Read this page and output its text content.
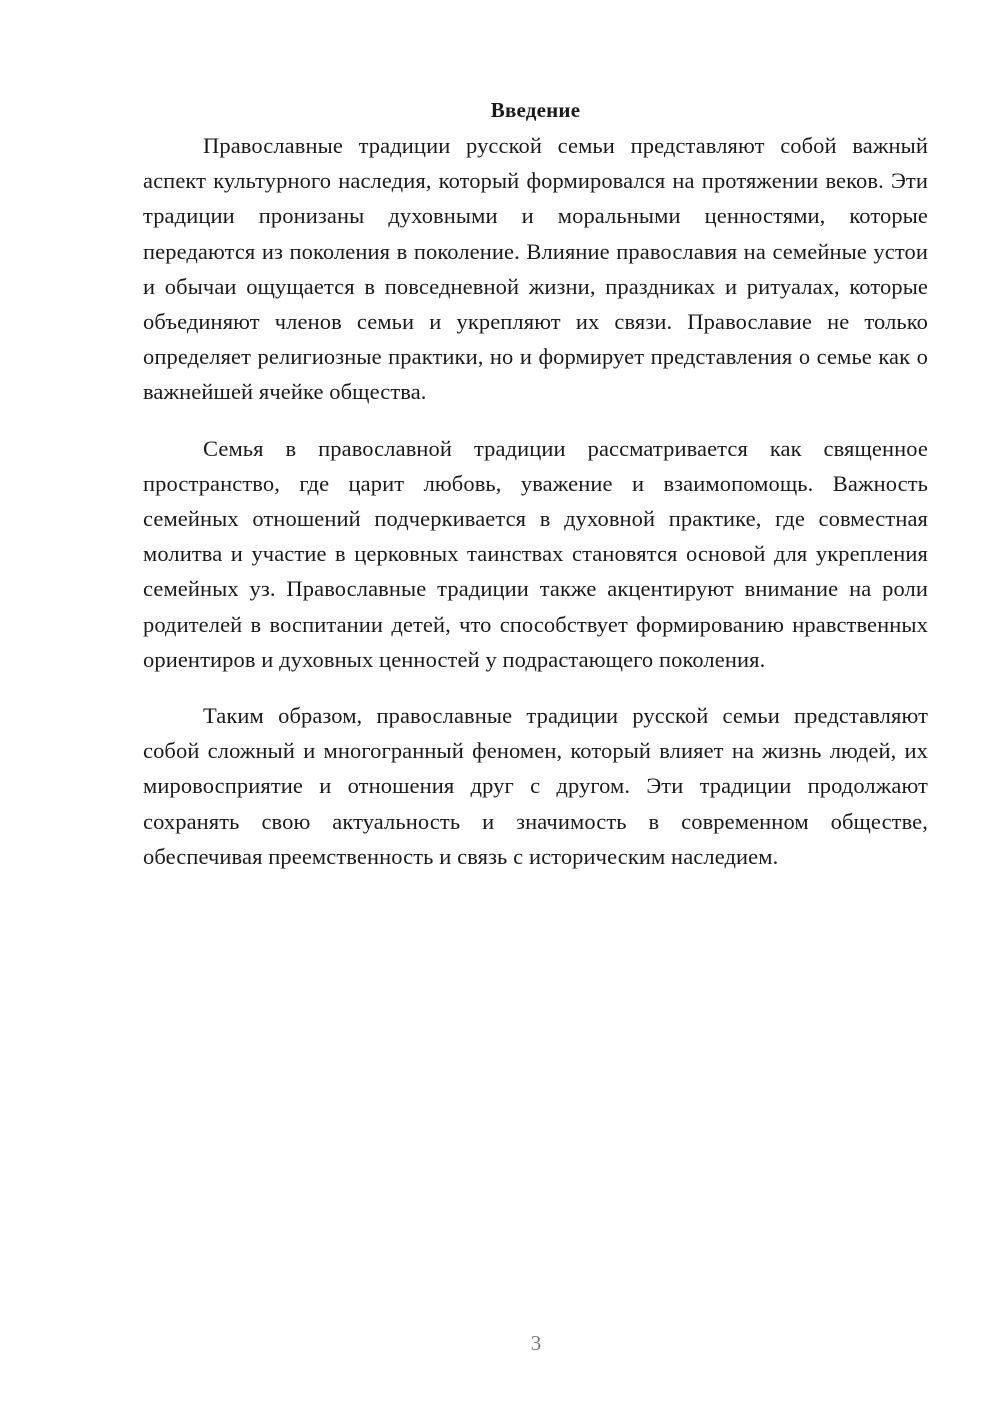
Введение

Православные традиции русской семьи представляют собой важный аспект культурного наследия, который формировался на протяжении веков. Эти традиции пронизаны духовными и моральными ценностями, которые передаются из поколения в поколение. Влияние православия на семейные устои и обычаи ощущается в повседневной жизни, праздниках и ритуалах, которые объединяют членов семьи и укрепляют их связи. Православие не только определяет религиозные практики, но и формирует представления о семье как о важнейшей ячейке общества.

Семья в православной традиции рассматривается как священное пространство, где царит любовь, уважение и взаимопомощь. Важность семейных отношений подчеркивается в духовной практике, где совместная молитва и участие в церковных таинствах становятся основой для укрепления семейных уз. Православные традиции также акцентируют внимание на роли родителей в воспитании детей, что способствует формированию нравственных ориентиров и духовных ценностей у подрастающего поколения.

Таким образом, православные традиции русской семьи представляют собой сложный и многогранный феномен, который влияет на жизнь людей, их мировосприятие и отношения друг с другом. Эти традиции продолжают сохранять свою актуальность и значимость в современном обществе, обеспечивая преемственность и связь с историческим наследием.

3
